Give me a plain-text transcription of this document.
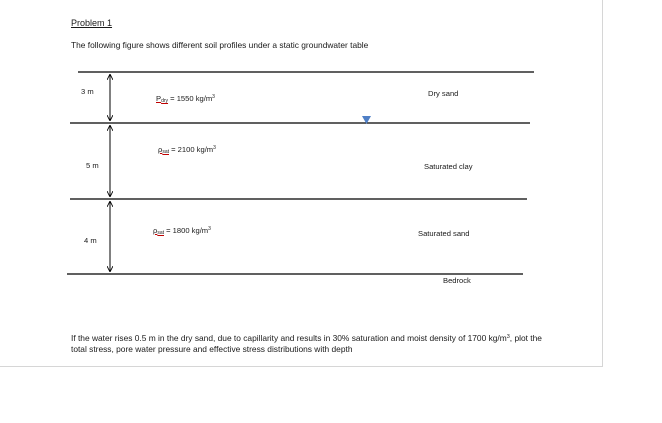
Problem 1
The following figure shows different soil profiles under a static groundwater table
3 m
5 m
4 m
$P_{dry} = 1550$ $kg/m^3$
$\rho_{sat} = 2100$ $kg/m^3$
$\rho_{sat} = 1800$ $kg/m^3$
Dry sand
Saturated clay
Saturated sand
Bedrock
If the water rises 0.5 m in the dry sand, due to capillarity and results in 30% saturation and moist density of 1700 $kg/m^3$, plot the total stress, pore water pressure and effective stress distributions with depth
